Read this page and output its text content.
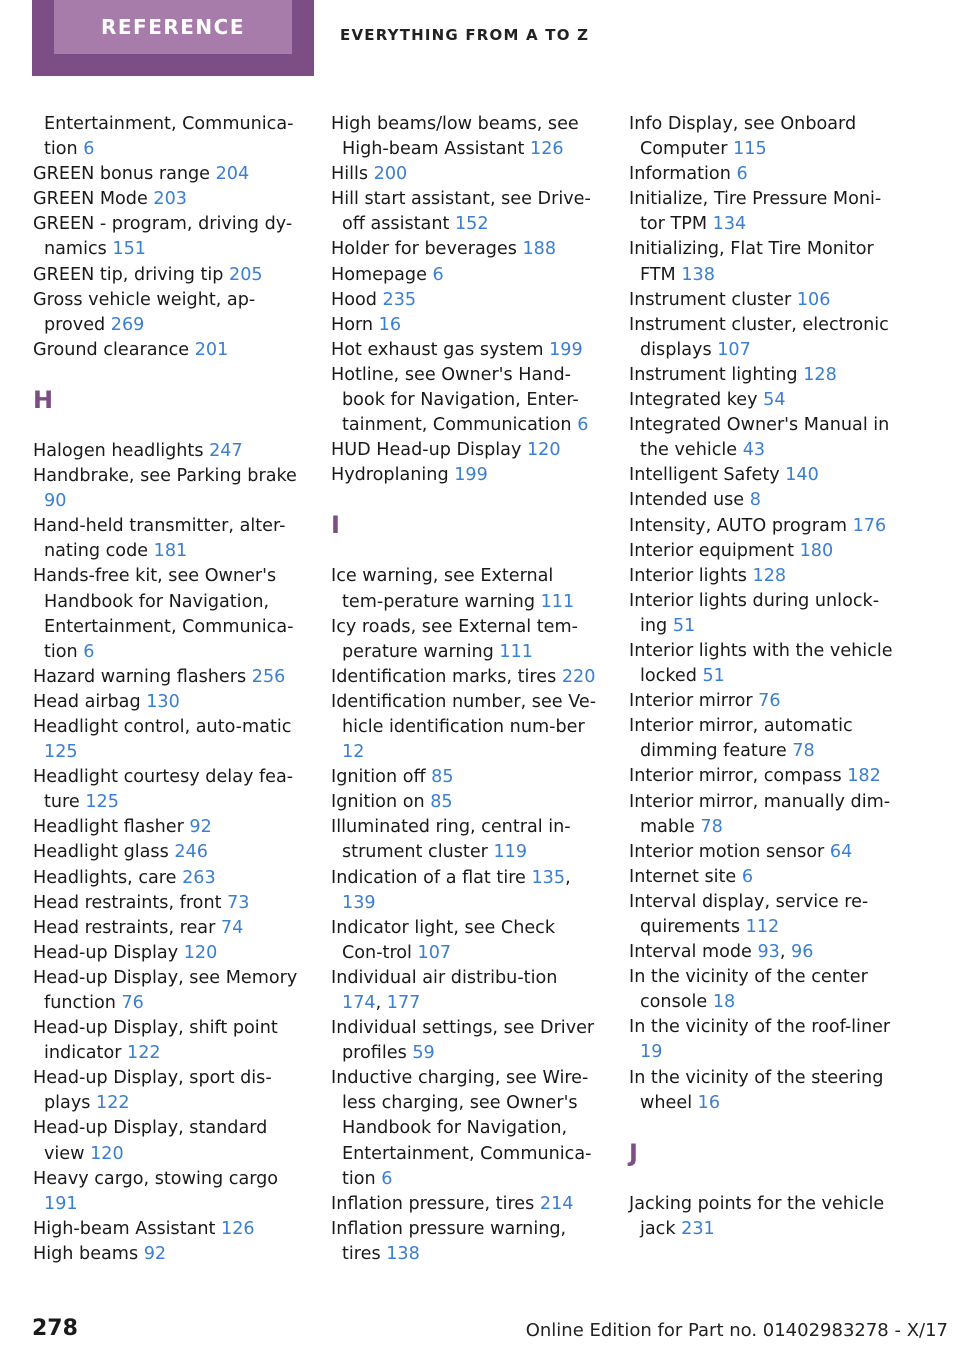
REFERENCE	EVERYTHING FROM A TO Z
Entertainment, Communica-tion 6
GREEN bonus range 204
GREEN Mode 203
GREEN - program, driving dy-namics 151
GREEN tip, driving tip 205
Gross vehicle weight, ap-proved 269
Ground clearance 201
H
Halogen headlights 247
Handbrake, see Parking brake 90
Hand-held transmitter, alter-nating code 181
Hands-free kit, see Owner's Handbook for Navigation, Entertainment, Communica-tion 6
Hazard warning flashers 256
Head airbag 130
Headlight control, auto-matic 125
Headlight courtesy delay fea-ture 125
Headlight flasher 92
Headlight glass 246
Headlights, care 263
Head restraints, front 73
Head restraints, rear 74
Head-up Display 120
Head-up Display, see Memory function 76
Head-up Display, shift point indicator 122
Head-up Display, sport dis-plays 122
Head-up Display, standard view 120
Heavy cargo, stowing cargo 191
High-beam Assistant 126
High beams 92
High beams/low beams, see High-beam Assistant 126
Hills 200
Hill start assistant, see Drive-off assistant 152
Holder for beverages 188
Homepage 6
Hood 235
Horn 16
Hot exhaust gas system 199
Hotline, see Owner's Hand-book for Navigation, Enter-tainment, Communication 6
HUD Head-up Display 120
Hydroplaning 199
I
Ice warning, see External tem-perature warning 111
Icy roads, see External tem-perature warning 111
Identification marks, tires 220
Identification number, see Ve-hicle identification num-ber 12
Ignition off 85
Ignition on 85
Illuminated ring, central in-strument cluster 119
Indication of a flat tire 135, 139
Indicator light, see Check Con-trol 107
Individual air distribu-tion 174, 177
Individual settings, see Driver profiles 59
Inductive charging, see Wire-less charging, see Owner's Handbook for Navigation, Entertainment, Communica-tion 6
Inflation pressure, tires 214
Inflation pressure warning, tires 138
Info Display, see Onboard Computer 115
Information 6
Initialize, Tire Pressure Moni-tor TPM 134
Initializing, Flat Tire Monitor FTM 138
Instrument cluster 106
Instrument cluster, electronic displays 107
Instrument lighting 128
Integrated key 54
Integrated Owner's Manual in the vehicle 43
Intelligent Safety 140
Intended use 8
Intensity, AUTO program 176
Interior equipment 180
Interior lights 128
Interior lights during unlock-ing 51
Interior lights with the vehicle locked 51
Interior mirror 76
Interior mirror, automatic dimming feature 78
Interior mirror, compass 182
Interior mirror, manually dim-mable 78
Interior motion sensor 64
Internet site 6
Interval display, service re-quirements 112
Interval mode 93, 96
In the vicinity of the center console 18
In the vicinity of the roof-liner 19
In the vicinity of the steering wheel 16
J
Jacking points for the vehicle jack 231
278	Online Edition for Part no. 01402983278 - X/17
